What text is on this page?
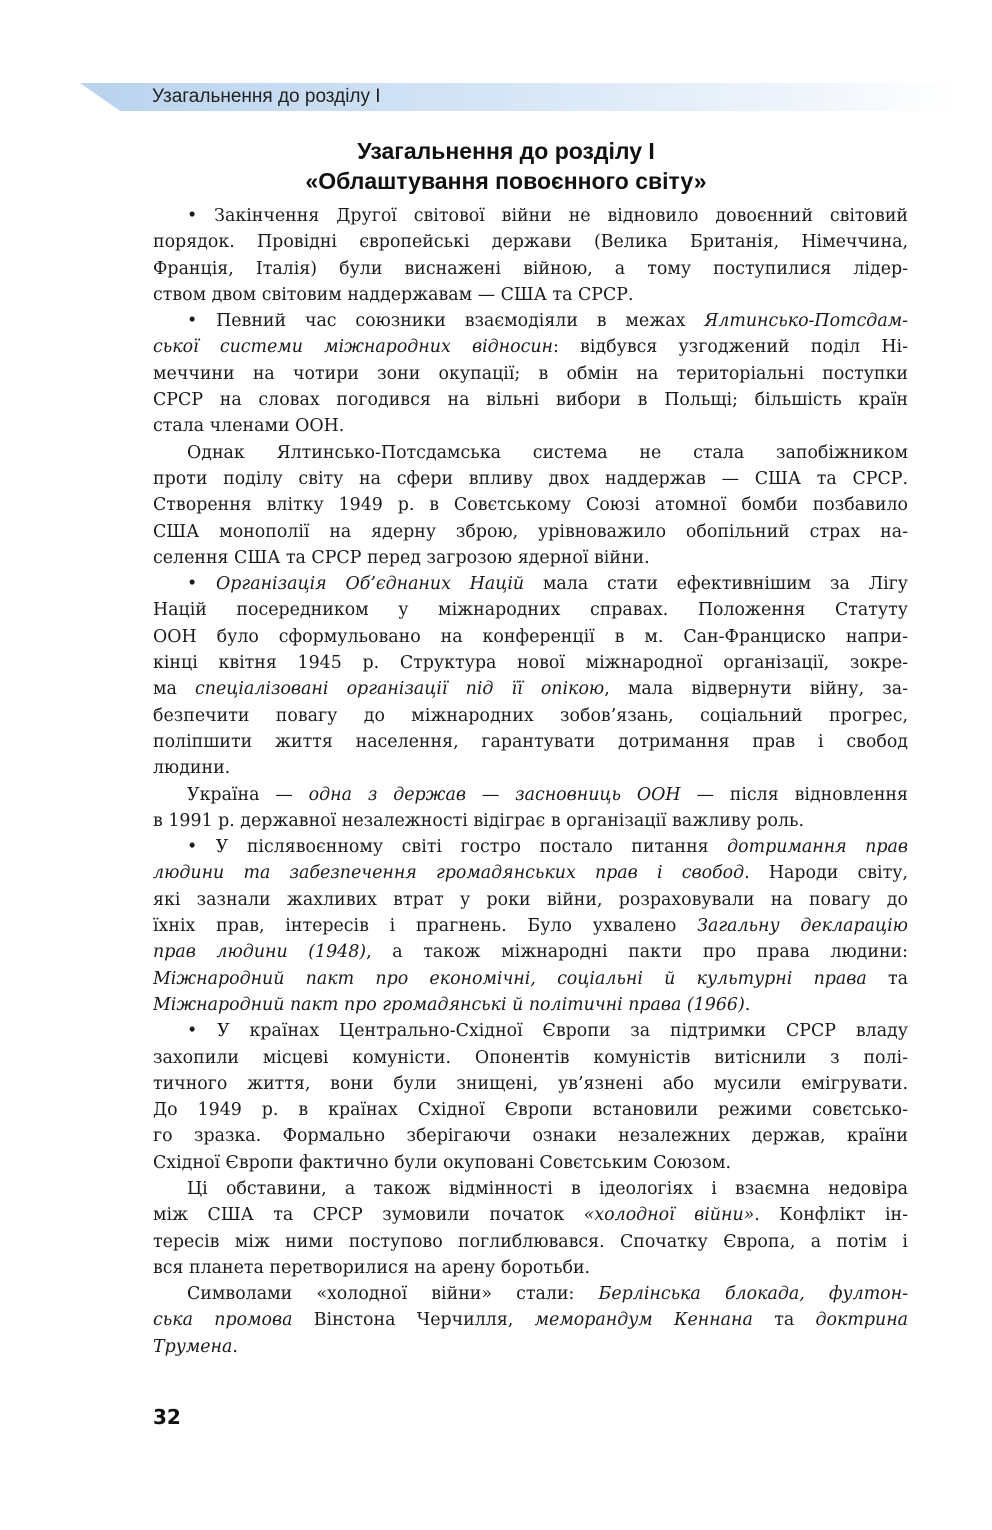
Узагальнення до розділу I
Узагальнення до розділу I
«Облаштування повоєнного світу»
• Закінчення Другої світової війни не відновило довоєнний світовий
порядок. Провідні європейські держави (Велика Британія, Німеччина,
Франція, Італія) були виснажені війною, а тому поступилися лідер-
ством двом світовим наддержавам — США та СРСР.
• Певний час союзники взаємодіяли в межах Ялтинсько-Потсдам-
ської системи міжнародних відносин: відбувся узгоджений поділ Ні-
меччини на чотири зони окупації; в обмін на територіальні поступки
СРСР на словах погодився на вільні вибори в Польщі; більшість країн
стала членами ООН.
Однак Ялтинсько-Потсдамська система не стала запобіжником
проти поділу світу на сфери впливу двох наддержав — США та СРСР.
Створення влітку 1949 р. в Совєтському Союзі атомної бомби позбавило
США монополії на ядерну зброю, урівноважило обопільний страх на-
селення США та СРСР перед загрозою ядерної війни.
• Організація Об’єднаних Націй мала стати ефективнішим за Лігу
Націй посередником у міжнародних справах. Положення Статуту
ООН було сформульовано на конференції в м. Сан-Франциско напри-
кінці квітня 1945 р. Структура нової міжнародної організації, зокре-
ма спеціалізовані організації під її опікою, мала відвернути війну, за-
безпечити повагу до міжнародних зобов’язань, соціальний прогрес,
поліпшити життя населення, гарантувати дотримання прав і свобод
людини.
Україна — одна з держав — засновниць ООН — після відновлення
в 1991 р. державної незалежності відіграє в організації важливу роль.
• У післявоєнному світі гостро постало питання дотримання прав
людини та забезпечення громадянських прав і свобод. Народи світу,
які зазнали жахливих втрат у роки війни, розраховували на повагу до
їхніх прав, інтересів і прагнень. Було ухвалено Загальну декларацію
прав людини (1948), а також міжнародні пакти про права людини:
Міжнародний пакт про економічні, соціальні й культурні права та
Міжнародний пакт про громадянські й політичні права (1966).
• У країнах Центрально-Східної Європи за підтримки СРСР владу
захопили місцеві комуністи. Опонентів комуністів витіснили з полі-
тичного життя, вони були знищені, ув’язнені або мусили емігрувати.
До 1949 р. в країнах Східної Європи встановили режими совєтсько-
го зразка. Формально зберігаючи ознаки незалежних держав, країни
Східної Європи фактично були окуповані Совєтським Союзом.
Ці обставини, а також відмінності в ідеологіях і взаємна недовіра
між США та СРСР зумовили початок «холодної війни». Конфлікт ін-
тересів між ними поступово поглиблювався. Спочатку Європа, а потім і
вся планета перетворилися на арену боротьби.
Символами «холодної війни» стали: Берлінська блокада, фултон-
ська промова Вінстона Черчилля, меморандум Кеннана та доктрина
Трумена.
32
